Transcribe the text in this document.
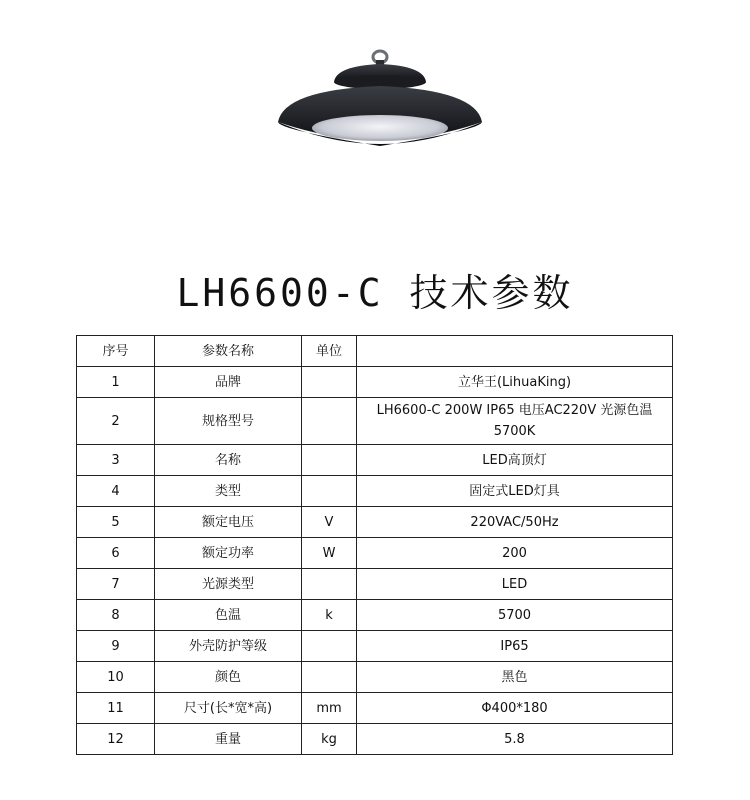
LH6600-C 技术参数
序号	参数名称	单位	
1	品牌		立华王(LihuaKing)
2	规格型号		LH6600-C 200W IP65 电压AC220V 光源色温5700K
3	名称		LED高顶灯
4	类型		固定式LED灯具
5	额定电压	V	220VAC/50Hz
6	额定功率	W	200
7	光源类型		LED
8	色温	k	5700
9	外壳防护等级		IP65
10	颜色		黑色
11	尺寸(长*宽*高)	mm	Φ400*180
12	重量	kg	5.8
